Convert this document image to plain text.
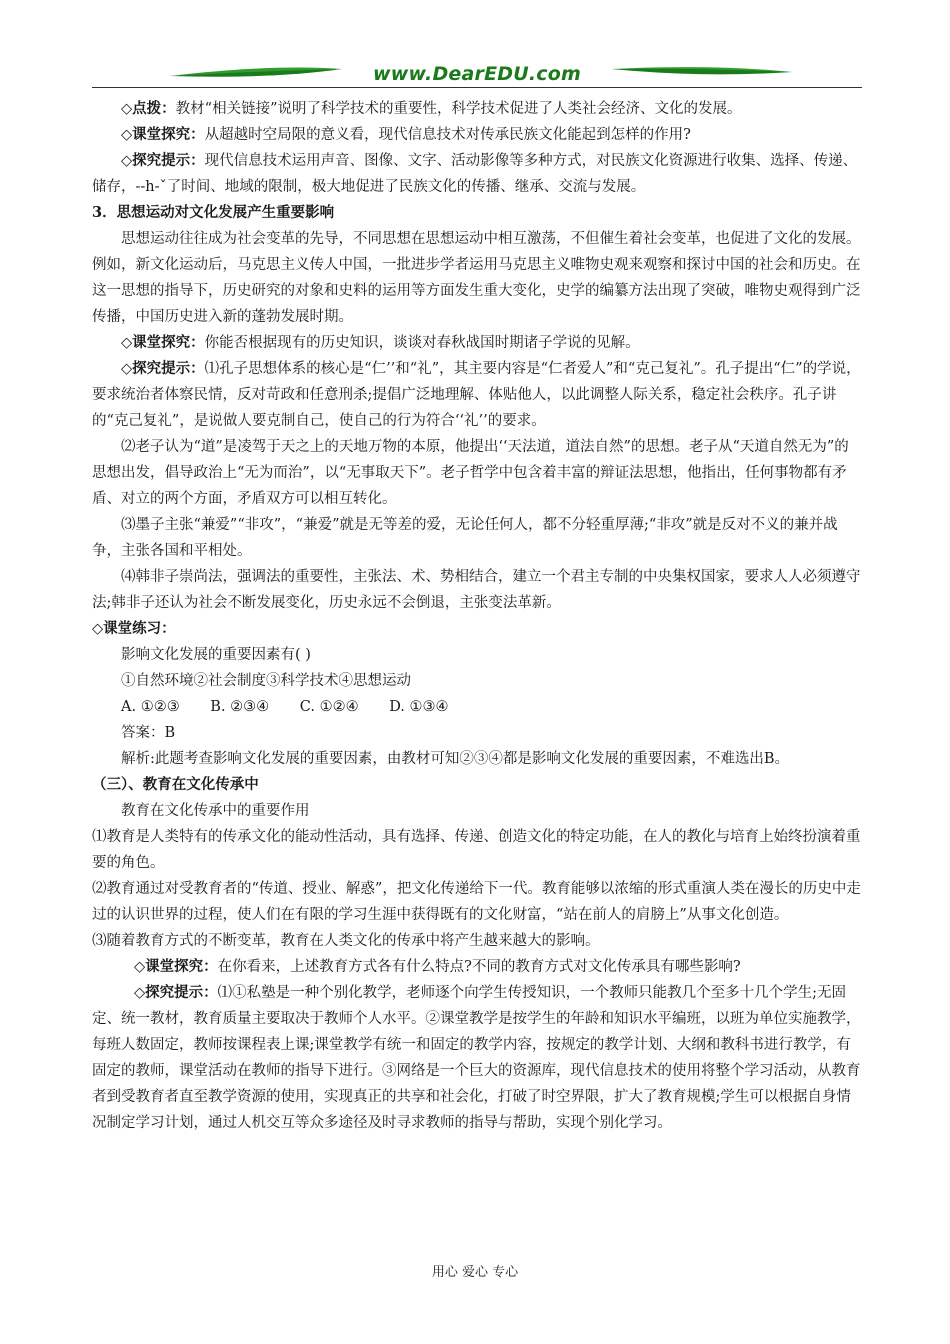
www.DearEDU.com

◇点拨：教材“相关链接”说明了科学技术的重要性，科学技术促进了人类社会经济、文化的发展。

◇课堂探究：从超越时空局限的意义看，现代信息技术对传承民族文化能起到怎样的作用?

◇探究提示：现代信息技术运用声音、图像、文字、活动影像等多种方式，对民族文化资源进行收集、选择、传递、储存，--h-ˇ了时间、地域的限制，极大地促进了民族文化的传播、继承、交流与发展。

3．思想运动对文化发展产生重要影响

思想运动往往成为社会变革的先导，不同思想在思想运动中相互激荡，不但催生着社会变革，也促进了文化的发展。例如，新文化运动后，马克思主义传人中国，一批进步学者运用马克思主义唯物史观来观察和探讨中国的社会和历史。在这一思想的指导下，历史研究的对象和史料的运用等方面发生重大变化，史学的编纂方法出现了突破，唯物史观得到广泛传播，中国历史进入新的蓬勃发展时期。

◇课堂探究：你能否根据现有的历史知识，谈谈对春秋战国时期诸子学说的见解。

◇探究提示：⑴孔子思想体系的核心是“仁’’和“礼”，其主要内容是“仁者爱人”和“克己复礼”。孔子提出“仁”的学说，要求统治者体察民情，反对苛政和任意刑杀;提倡广泛地理解、体贴他人，以此调整人际关系，稳定社会秩序。孔子讲的“克己复礼”，是说做人要克制自己，使自己的行为符合‘‘礼’’的要求。

⑵老子认为“道”是凌驾于天之上的天地万物的本原，他提出‘‘天法道，道法自然”的思想。老子从“天道自然无为”的思想出发，倡导政治上“无为而治”，以“无事取天下”。老子哲学中包含着丰富的辩证法思想，他指出，任何事物都有矛盾、对立的两个方面，矛盾双方可以相互转化。

⑶墨子主张“兼爱”“非攻”，“兼爱”就是无等差的爱，无论任何人，都不分轻重厚薄;“非攻”就是反对不义的兼并战争，主张各国和平相处。

⑷韩非子崇尚法，强调法的重要性，主张法、术、势相结合，建立一个君主专制的中央集权国家，要求人人必须遵守法;韩非子还认为社会不断发展变化，历史永远不会倒退，主张变法革新。

◇课堂练习：

影响文化发展的重要因素有( )

①自然环境②社会制度③科学技术④思想运动

A. ①②③ B. ②③④ C. ①②④ D. ①③④

答案：B

解析:此题考查影响文化发展的重要因素，由教材可知②③④都是影响文化发展的重要因素，不难选出B。

（三）、教育在文化传承中

教育在文化传承中的重要作用

⑴教育是人类特有的传承文化的能动性活动，具有选择、传递、创造文化的特定功能，在人的教化与培育上始终扮演着重要的角色。

⑵教育通过对受教育者的“传道、授业、解惑”，把文化传递给下一代。教育能够以浓缩的形式重演人类在漫长的历史中走过的认识世界的过程，使人们在有限的学习生涯中获得既有的文化财富，“站在前人的肩膀上”从事文化创造。

⑶随着教育方式的不断变革，教育在人类文化的传承中将产生越来越大的影响。

◇课堂探究：在你看来，上述教育方式各有什么特点?不同的教育方式对文化传承具有哪些影响?

◇探究提示：⑴①私塾是一种个别化教学，老师逐个向学生传授知识，一个教师只能教几个至多十几个学生;无固定、统一教材，教育质量主要取决于教师个人水平。②课堂教学是按学生的年龄和知识水平编班，以班为单位实施教学，每班人数固定，教师按课程表上课;课堂教学有统一和固定的教学内容，按规定的教学计划、大纲和教科书进行教学，有固定的教师，课堂活动在教师的指导下进行。③网络是一个巨大的资源库，现代信息技术的使用将整个学习活动，从教育者到受教育者直至教学资源的使用，实现真正的共享和社会化，打破了时空界限，扩大了教育规模;学生可以根据自身情况制定学习计划，通过人机交互等众多途径及时寻求教师的指导与帮助，实现个别化学习。

用心 爱心 专心
